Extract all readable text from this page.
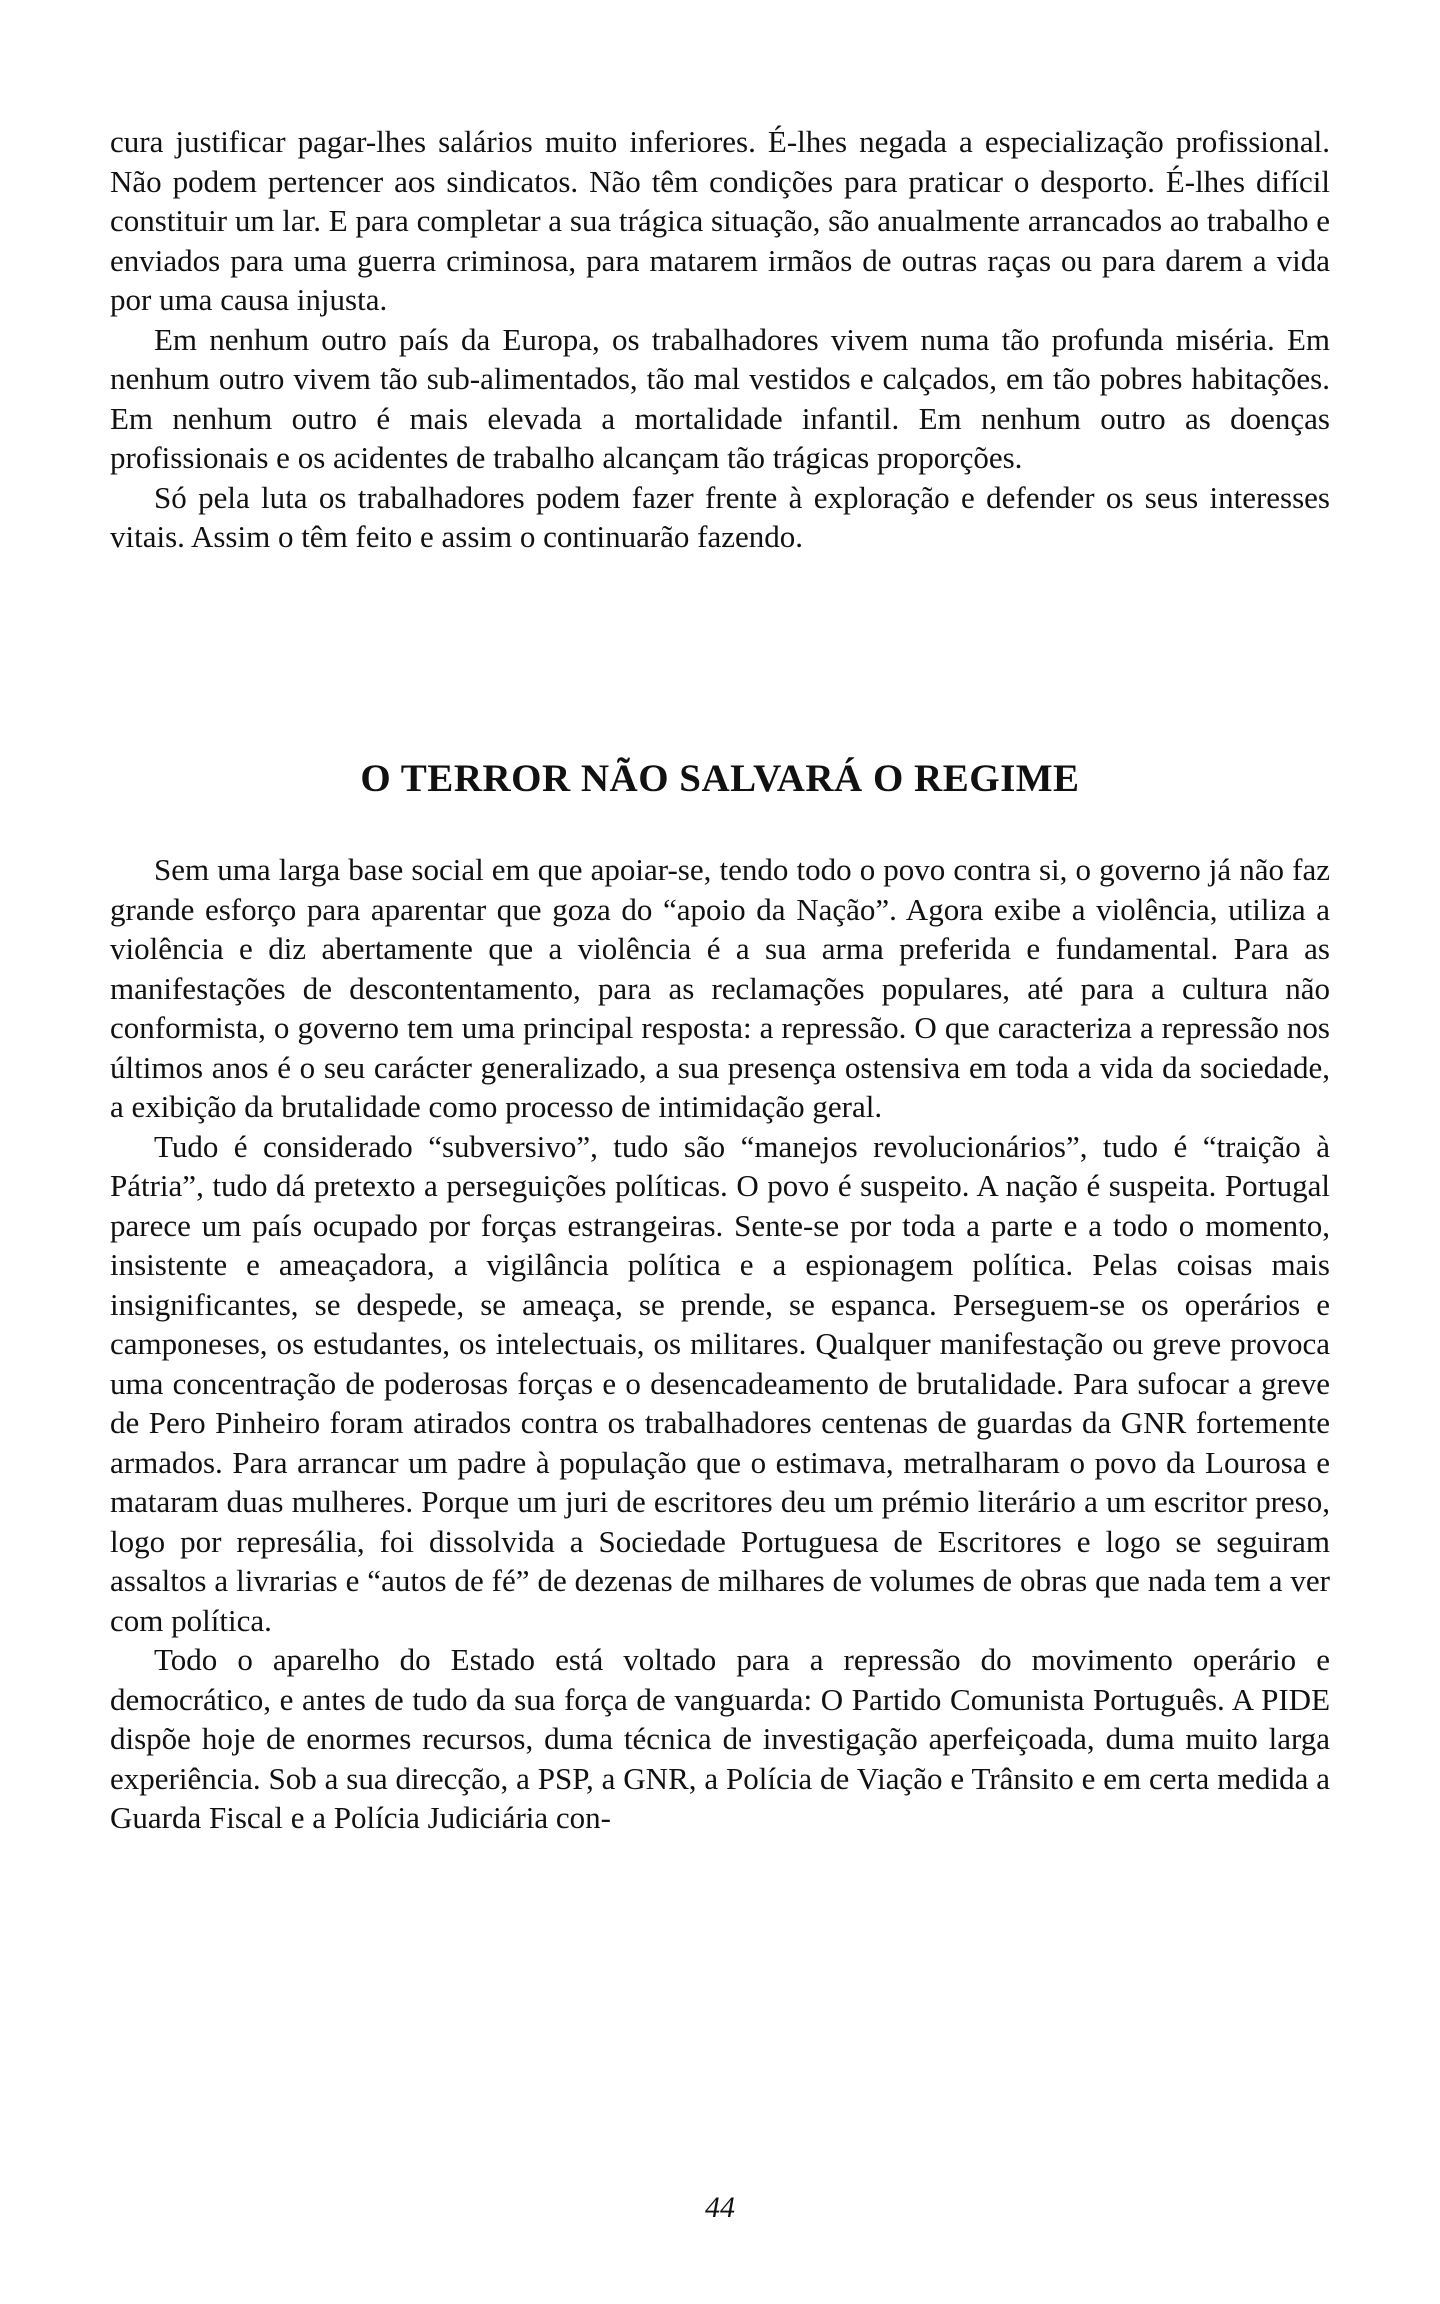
cura justificar pagar-lhes salários muito inferiores. É-lhes negada a especialização profissional. Não podem pertencer aos sindicatos. Não têm condições para praticar o desporto. É-lhes difícil constituir um lar. E para completar a sua trágica situação, são anualmente arrancados ao trabalho e enviados para uma guerra criminosa, para matarem irmãos de outras raças ou para darem a vida por uma causa injusta.

Em nenhum outro país da Europa, os trabalhadores vivem numa tão profunda miséria. Em nenhum outro vivem tão sub-alimentados, tão mal vestidos e calçados, em tão pobres habitações. Em nenhum outro é mais elevada a mortalidade infantil. Em nenhum outro as doenças profissionais e os acidentes de trabalho alcançam tão trágicas proporções.

Só pela luta os trabalhadores podem fazer frente à exploração e defender os seus interesses vitais. Assim o têm feito e assim o continuarão fazendo.

O TERROR NÃO SALVARÁ O REGIME

Sem uma larga base social em que apoiar-se, tendo todo o povo contra si, o governo já não faz grande esforço para aparentar que goza do “apoio da Nação”. Agora exibe a violência, utiliza a violência e diz abertamente que a violência é a sua arma preferida e fundamental. Para as manifestações de descontentamento, para as reclamações populares, até para a cultura não conformista, o governo tem uma principal resposta: a repressão. O que caracteriza a repressão nos últimos anos é o seu carácter generalizado, a sua presença ostensiva em toda a vida da sociedade, a exibição da brutalidade como processo de intimidação geral.

Tudo é considerado “subversivo”, tudo são “manejos revolucionários”, tudo é “traição à Pátria”, tudo dá pretexto a perseguições políticas. O povo é suspeito. A nação é suspeita. Portugal parece um país ocupado por forças estrangeiras. Sente-se por toda a parte e a todo o momento, insistente e ameaçadora, a vigilância política e a espionagem política. Pelas coisas mais insignificantes, se despede, se ameaça, se prende, se espanca. Perseguem-se os operários e camponeses, os estudantes, os intelectuais, os militares. Qualquer manifestação ou greve provoca uma concentração de poderosas forças e o desencadeamento de brutalidade. Para sufocar a greve de Pero Pinheiro foram atirados contra os trabalhadores centenas de guardas da GNR fortemente armados. Para arrancar um padre à população que o estimava, metralharam o povo da Lourosa e mataram duas mulheres. Porque um juri de escritores deu um prémio literário a um escritor preso, logo por represália, foi dissolvida a Sociedade Portuguesa de Escritores e logo se seguiram assaltos a livrarias e “autos de fé” de dezenas de milhares de volumes de obras que nada tem a ver com política.

Todo o aparelho do Estado está voltado para a repressão do movimento operário e democrático, e antes de tudo da sua força de vanguarda: O Partido Comunista Português. A PIDE dispõe hoje de enormes recursos, duma técnica de investigação aperfeiçoada, duma muito larga experiência. Sob a sua direcção, a PSP, a GNR, a Polícia de Viação e Trânsito e em certa medida a Guarda Fiscal e a Polícia Judiciária con-

44
